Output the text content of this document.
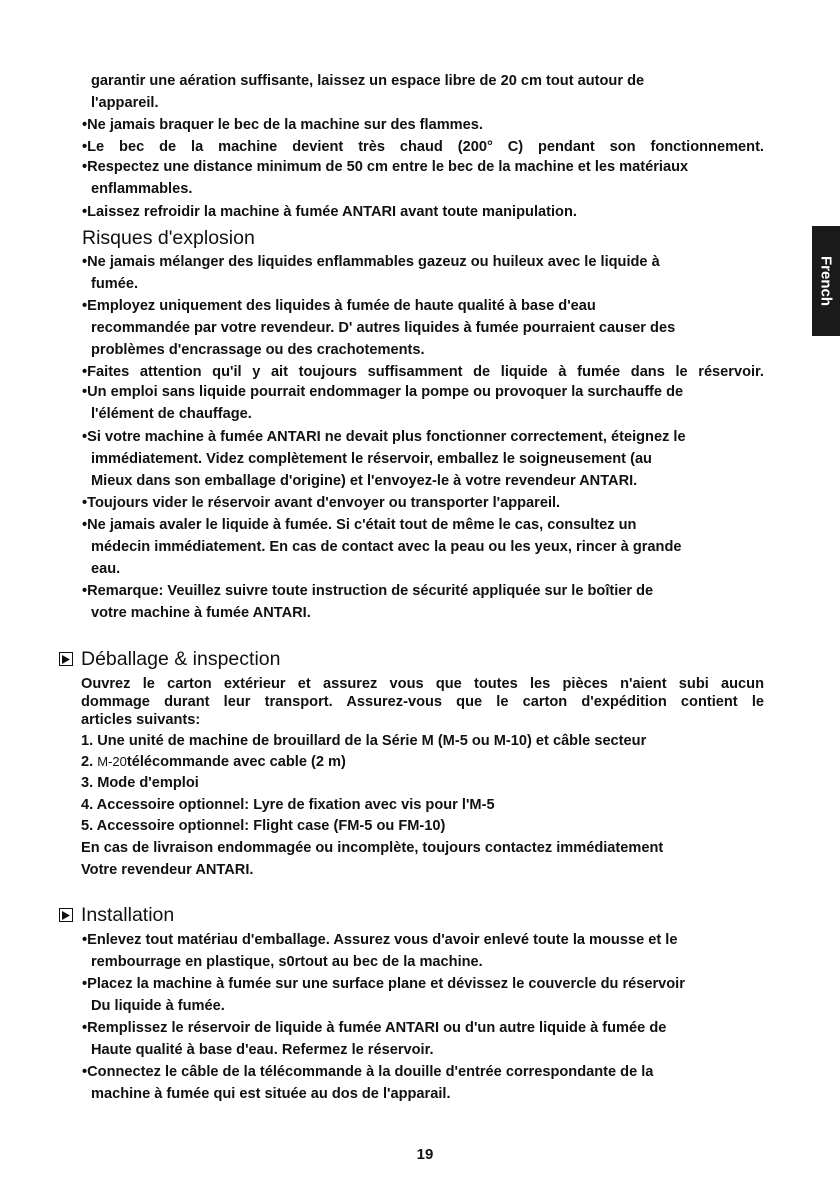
garantir une aération suffisante, laissez un espace libre de 20 cm tout autour de
l'appareil.
•Ne jamais braquer le bec de la machine sur des flammes.
•Le bec de la machine devient très chaud (200° C) pendant son fonctionnement.
•Respectez une distance minimum de 50 cm entre le bec de la machine et les matériaux
enflammables.
•Laissez refroidir la machine à fumée ANTARI avant toute manipulation.
Risques d'explosion
•Ne jamais mélanger des liquides enflammables gazeuz ou huileux avec le liquide à
fumée.
•Employez uniquement des liquides à fumée de haute qualité à base d'eau
recommandée par votre revendeur. D' autres liquides à fumée pourraient causer des
problèmes d'encrassage ou des crachotements.
•Faites attention qu'il y ait toujours suffisamment de liquide à fumée dans le réservoir.
•Un emploi sans liquide pourrait endommager la pompe ou provoquer la surchauffe de
l'élément de chauffage.
•Si votre machine à fumée ANTARI ne devait plus fonctionner correctement, éteignez le
immédiatement. Videz complètement le réservoir, emballez le soigneusement (au
Mieux dans son emballage d'origine) et l'envoyez-le à votre revendeur ANTARI.
•Toujours vider le réservoir avant d'envoyer ou transporter l'appareil.
•Ne jamais avaler le liquide à fumée. Si c'était tout de même le cas, consultez un
médecin immédiatement. En cas de contact avec la peau ou les yeux, rincer à grande
eau.
•Remarque: Veuillez suivre toute instruction de sécurité appliquée sur le boîtier de
votre machine à fumée ANTARI.
Déballage & inspection
Ouvrez le carton extérieur et assurez vous que toutes les pièces n'aient subi aucun
dommage durant leur transport. Assurez-vous que le carton d'expédition contient le
articles suivants:
1. Une unité de machine de brouillard de la Série M (M-5 ou M-10) et câble secteur
2. M-20télécommande avec cable (2 m)
3. Mode d'emploi
4. Accessoire optionnel: Lyre de fixation avec vis pour l'M-5
5. Accessoire optionnel: Flight case (FM-5 ou FM-10)
En cas de livraison endommagée ou incomplète, toujours contactez immédiatement
Votre revendeur ANTARI.
Installation
•Enlevez tout matériau d'emballage. Assurez vous d'avoir enlevé toute la mousse et le
rembourrage en plastique, s0rtout au bec de la machine.
•Placez la machine à fumée sur une surface plane et dévissez le couvercle du réservoir
Du liquide à fumée.
•Remplissez le réservoir de liquide à fumée ANTARI ou d'un autre liquide à fumée de
Haute qualité à base d'eau. Refermez le réservoir.
•Connectez le câble de la télécommande à la douille d'entrée correspondante de la
machine à fumée qui est située au dos de l'apparail.
French
19
